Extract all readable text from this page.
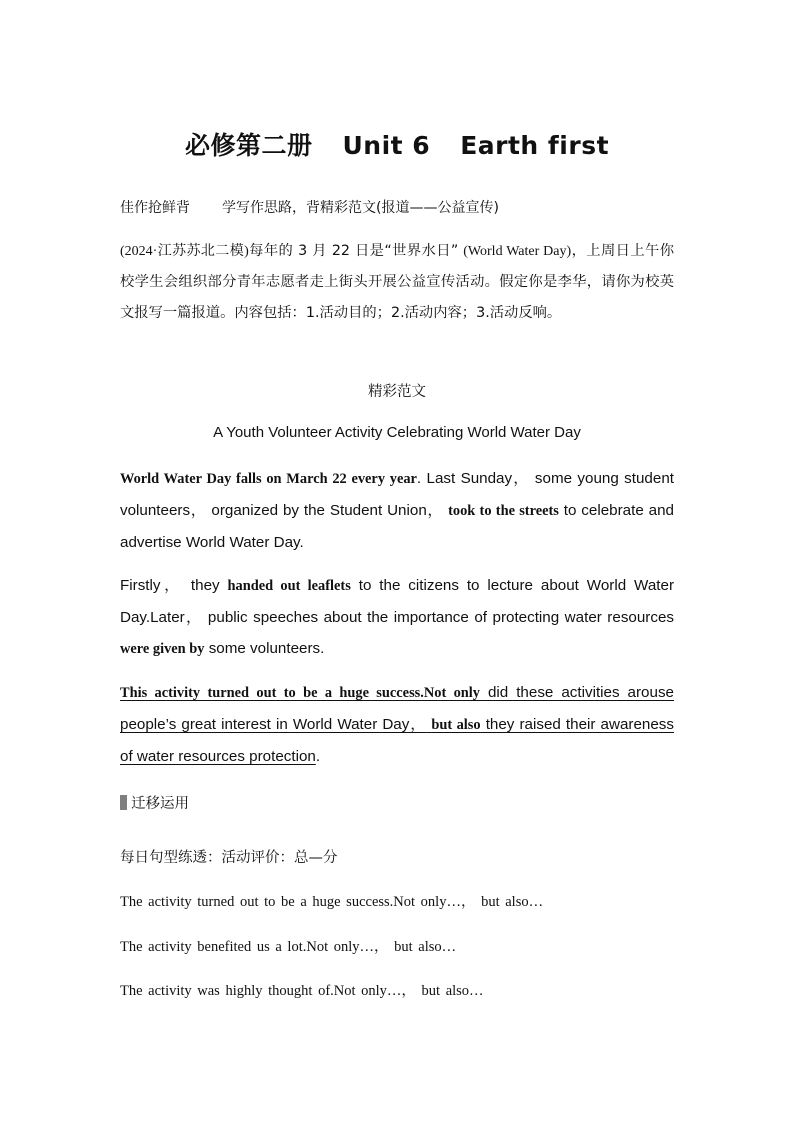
必修第二册 Unit 6 Earth first
佳作抢鲜背 学写作思路，背精彩范文(报道——公益宣传)
(2024·江苏苏北二模)每年的 3 月 22 日是“世界水日” (World Water Day)，上周日上午你校学生会组织部分青年志愿者走上街头开展公益宣传活动。假定你是李华，请你为校英文报写一篇报道。内容包括：1.活动目的；2.活动内容；3.活动反响。
精彩范文
A Youth Volunteer Activity Celebrating World Water Day
World Water Day falls on March 22 every year. Last Sunday， some young student volunteers， organized by the Student Union， took to the streets to celebrate and advertise World Water Day.
Firstly， they handed out leaflets to the citizens to lecture about World Water Day.Later， public speeches about the importance of protecting water resources　were given by some volunteers.
This activity turned out to be a huge success.Not only did these activities arouse people’s great interest in World Water Day， but also they raised their awareness of water resources protection.
迁移运用
每日句型练透：活动评价：总—分
The activity turned out to be a huge success.Not only…， but also…
The activity benefited us a lot.Not only…， but also…
The activity was highly thought of.Not only…， but also…
